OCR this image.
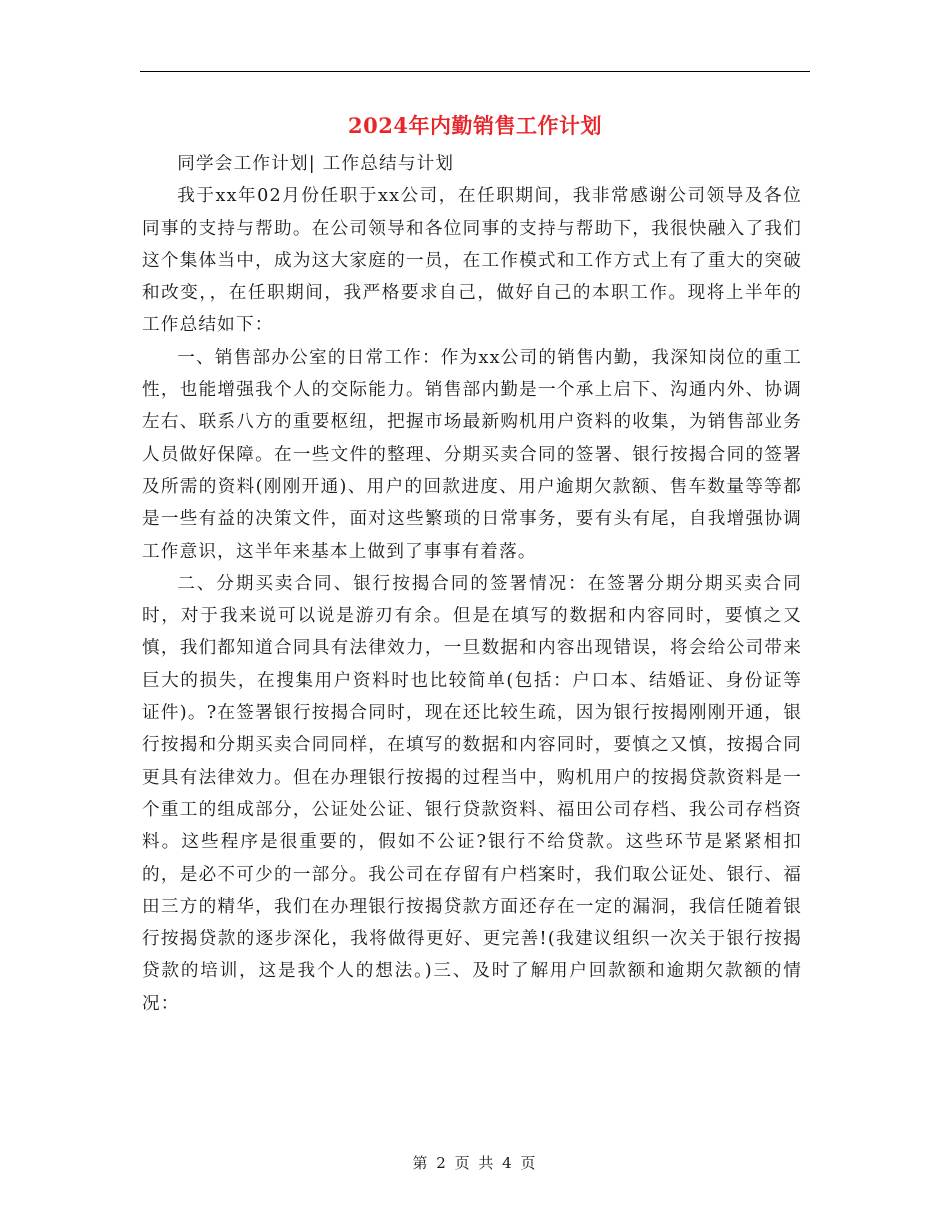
2024年内勤销售工作计划

同学会工作计划| 工作总结与计划

我于xx年02月份任职于xx公司，在任职期间，我非常感谢公司领导及各位同事的支持与帮助。在公司领导和各位同事的支持与帮助下，我很快融入了我们这个集体当中，成为这大家庭的一员，在工作模式和工作方式上有了重大的突破和改变，，在任职期间，我严格要求自己，做好自己的本职工作。现将上半年的工作总结如下：

一、销售部办公室的日常工作：作为xx公司的销售内勤，我深知岗位的重工性，也能增强我个人的交际能力。销售部内勤是一个承上启下、沟通内外、协调左右、联系八方的重要枢纽，把握市场最新购机用户资料的收集，为销售部业务人员做好保障。在一些文件的整理、分期买卖合同的签署、银行按揭合同的签署及所需的资料(刚刚开通)、用户的回款进度、用户逾期欠款额、售车数量等等都是一些有益的决策文件，面对这些繁琐的日常事务，要有头有尾，自我增强协调工作意识，这半年来基本上做到了事事有着落。

二、分期买卖合同、银行按揭合同的签署情况：在签署分期分期买卖合同时，对于我来说可以说是游刃有余。但是在填写的数据和内容同时，要慎之又慎，我们都知道合同具有法律效力，一旦数据和内容出现错误，将会给公司带来巨大的损失，在搜集用户资料时也比较简单(包括：户口本、结婚证、身份证等证件)。?在签署银行按揭合同时，现在还比较生疏，因为银行按揭刚刚开通，银行按揭和分期买卖合同同样，在填写的数据和内容同时，要慎之又慎，按揭合同更具有法律效力。但在办理银行按揭的过程当中，购机用户的按揭贷款资料是一个重工的组成部分，公证处公证、银行贷款资料、福田公司存档、我公司存档资料。这些程序是很重要的，假如不公证?银行不给贷款。这些环节是紧紧相扣的，是必不可少的一部分。我公司在存留有户档案时，我们取公证处、银行、福田三方的精华，我们在办理银行按揭贷款方面还存在一定的漏洞，我信任随着银行按揭贷款的逐步深化，我将做得更好、更完善!(我建议组织一次关于银行按揭贷款的培训，这是我个人的想法。)三、及时了解用户回款额和逾期欠款额的情况：

第 2 页 共 4 页
